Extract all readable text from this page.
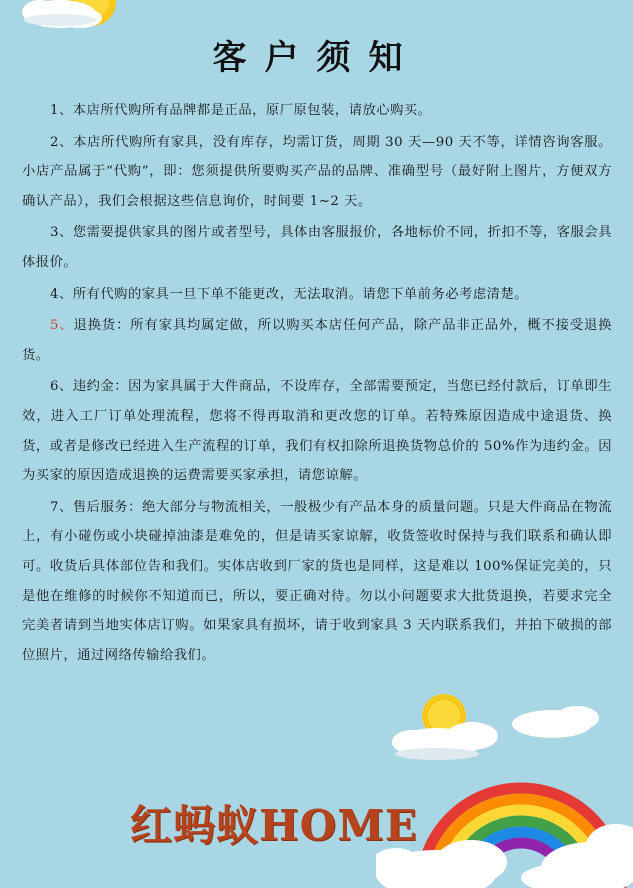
客户须知

1、本店所代购所有品牌都是正品，原厂原包装，请放心购买。

2、本店所代购所有家具，没有库存，均需订货，周期 30 天—90 天不等，详情咨询客服。小店产品属于“代购”，即：您须提供所要购买产品的品牌、准确型号（最好附上图片，方便双方确认产品），我们会根据这些信息询价，时间要 1~2 天。

3、您需要提供家具的图片或者型号，具体由客服报价，各地标价不同，折扣不等，客服会具体报价。

4、所有代购的家具一旦下单不能更改，无法取消。请您下单前务必考虑清楚。

5、退换货：所有家具均属定做，所以购买本店任何产品，除产品非正品外，概不接受退换货。

6、违约金：因为家具属于大件商品，不设库存，全部需要预定，当您已经付款后，订单即生效，进入工厂订单处理流程，您将不得再取消和更改您的订单。若特殊原因造成中途退货、换货，或者是修改已经进入生产流程的订单，我们有权扣除所退换货物总价的 50%作为违约金。因为买家的原因造成退换的运费需要买家承担，请您谅解。

7、售后服务：绝大部分与物流相关，一般极少有产品本身的质量问题。只是大件商品在物流上，有小碰伤或小块碰掉油漆是难免的，但是请买家谅解，收货签收时保持与我们联系和确认即可。收货后具体部位告和我们。实体店收到厂家的货也是同样，这是难以 100%保证完美的，只是他在维修的时候你不知道而已，所以，要正确对待。勿以小问题要求大批货退换，若要求完全完美者请到当地实体店订购。如果家具有损坏，请于收到家具 3 天内联系我们，并拍下破损的部位照片，通过网络传输给我们。

红蚂蚁HOME
